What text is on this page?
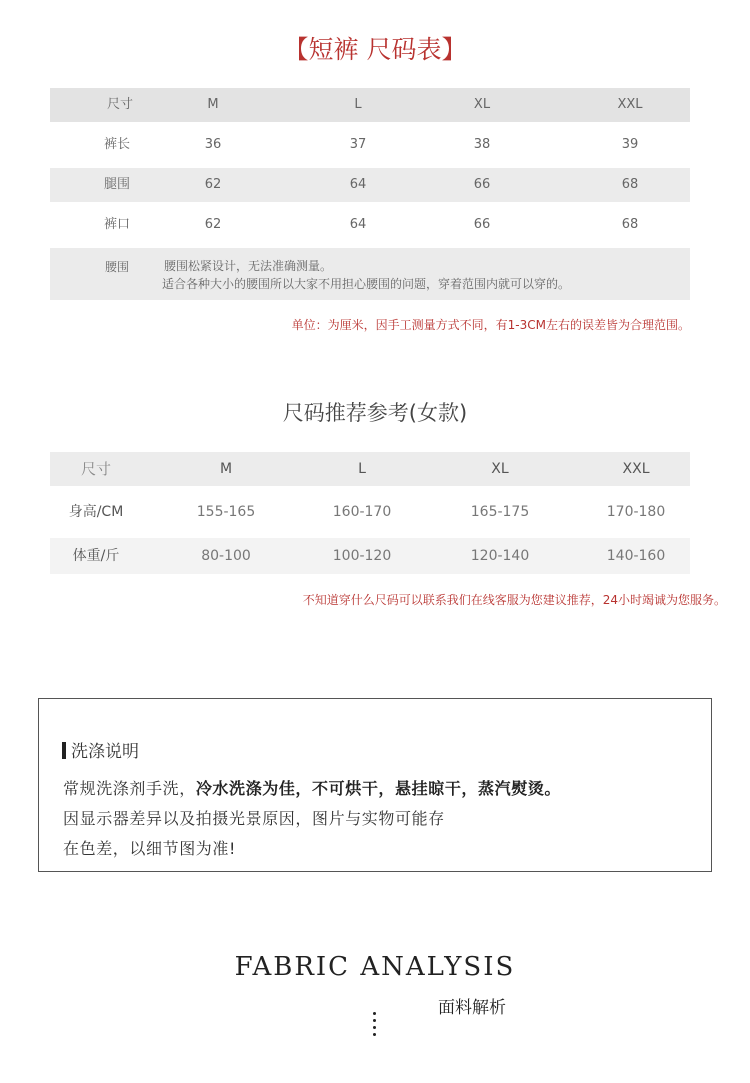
【短裤 尺码表】
尺寸	M	L	XL	XXL
裤长	36	37	38	39
腿围	62	64	66	68
裤口	62	64	66	68
腰围	腰围松紧设计，无法准确测量。
适合各种大小的腰围所以大家不用担心腰围的问题，穿着范围内就可以穿的。
单位：为厘米，因手工测量方式不同，有1-3CM左右的误差皆为合理范围。
尺码推荐参考(女款)
尺寸	M	L	XL	XXL
身高/CM	155-165	160-170	165-175	170-180
体重/斤	80-100	100-120	120-140	140-160
不知道穿什么尺码可以联系我们在线客服为您建议推荐，24小时竭诚为您服务。
洗涤说明
常规洗涤剂手洗，冷水洗涤为佳，不可烘干，悬挂晾干，蒸汽熨烫。
因显示器差异以及拍摄光景原因，图片与实物可能存
在色差，以细节图为准!
FABRIC ANALYSIS
面料解析
